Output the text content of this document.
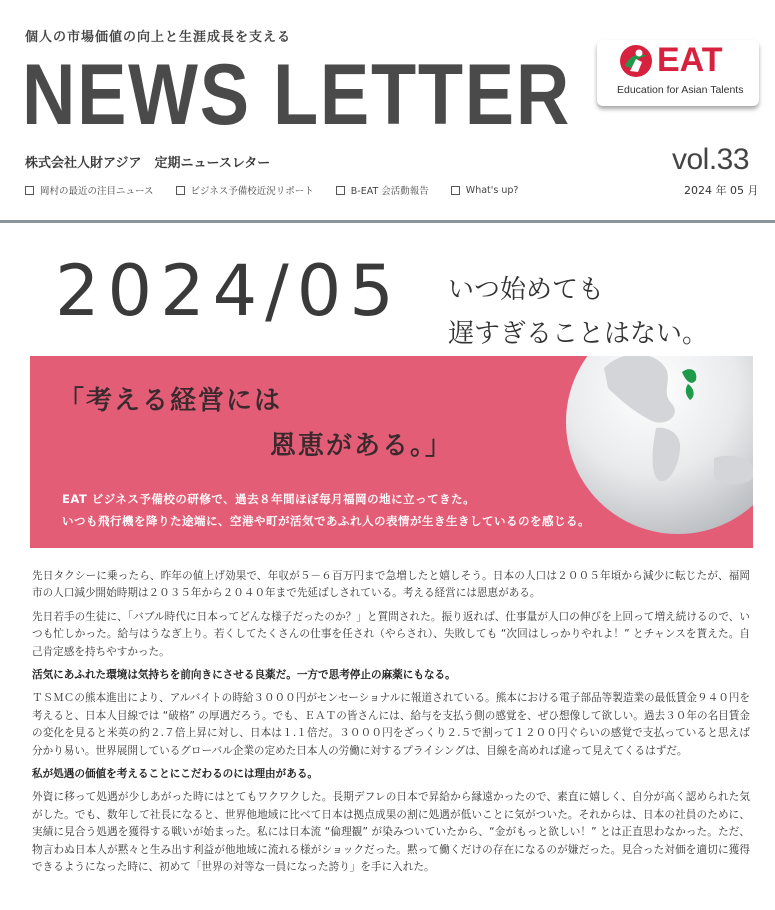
個人の市場価値の向上と生涯成長を支える
NEWS LETTER
株式会社人財アジア　定期ニュースレター
岡村の最近の注目ニュース	ビジネス予備校近況リポート	B-EAT 会活動報告	What's up?
EAT
Education for Asian Talents
vol.33
2024 年 05 月
2024/05 いつ始めても
遅すぎることはない。
「考える経営には
恩恵がある。」
EAT ビジネス予備校の研修で、過去８年間ほぼ毎月福岡の地に立ってきた。
いつも飛行機を降りた途端に、空港や町が活気であふれ人の表情が生き生きしているのを感じる。

先日タクシーに乗ったら、昨年の値上げ効果で、年収が５－６百万円まで急増したと嬉しそう。日本の人口は２００５年頃から減少に転じたが、福岡市の人口減少開始時期は２０３５年から２０４０年まで先延ばしされている。考える経営には恩恵がある。

先日若手の生徒に、「バブル時代に日本ってどんな様子だったのか？」と質問された。振り返れば、仕事量が人口の伸びを上回って増え続けるので、いつも忙しかった。給与はうなぎ上り。若くしてたくさんの仕事を任され（やらされ）、失敗しても “次回はしっかりやれよ！” とチャンスを貰えた。自己肯定感を持ちやすかった。

活気にあふれた環境は気持ちを前向きにさせる良薬だ。一方で思考停止の麻薬にもなる。

ＴＳＭＣの熊本進出により、アルバイトの時給３０００円がセンセーショナルに報道されている。熊本における電子部品等製造業の最低賃金９４０円を考えると、日本人目線では “破格” の厚遇だろう。でも、ＥＡＴの皆さんには、給与を支払う側の感覚を、ぜひ想像して欲しい。過去３０年の名目賃金の変化を見ると米英の約２.７倍上昇に対し、日本は１.１倍だ。３０００円をざっくり２.５で割って１２００円ぐらいの感覚で支払っていると思えば分かり易い。世界展開しているグローバル企業の定めた日本人の労働に対するプライシングは、目線を高めれば違って見えてくるはずだ。

私が処遇の価値を考えることにこだわるのには理由がある。

外資に移って処遇が少しあがった時にはとてもワクワクした。長期デフレの日本で昇給から縁遠かったので、素直に嬉しく、自分が高く認められた気がした。でも、数年して社長になると、世界他地域に比べて日本は拠点成果の割に処遇が低いことに気がついた。それからは、日本の社員のために、実績に見合う処遇を獲得する戦いが始まった。私には日本流 “倫理観” が染みついていたから、“金がもっと欲しい！” とは正直思わなかった。ただ、物言わぬ日本人が黙々と生み出す利益が他地域に流れる様がショックだった。黙って働くだけの存在になるのが嫌だった。見合った対価を適切に獲得できるようになった時に、初めて「世界の対等な一員になった誇り」を手に入れた。
